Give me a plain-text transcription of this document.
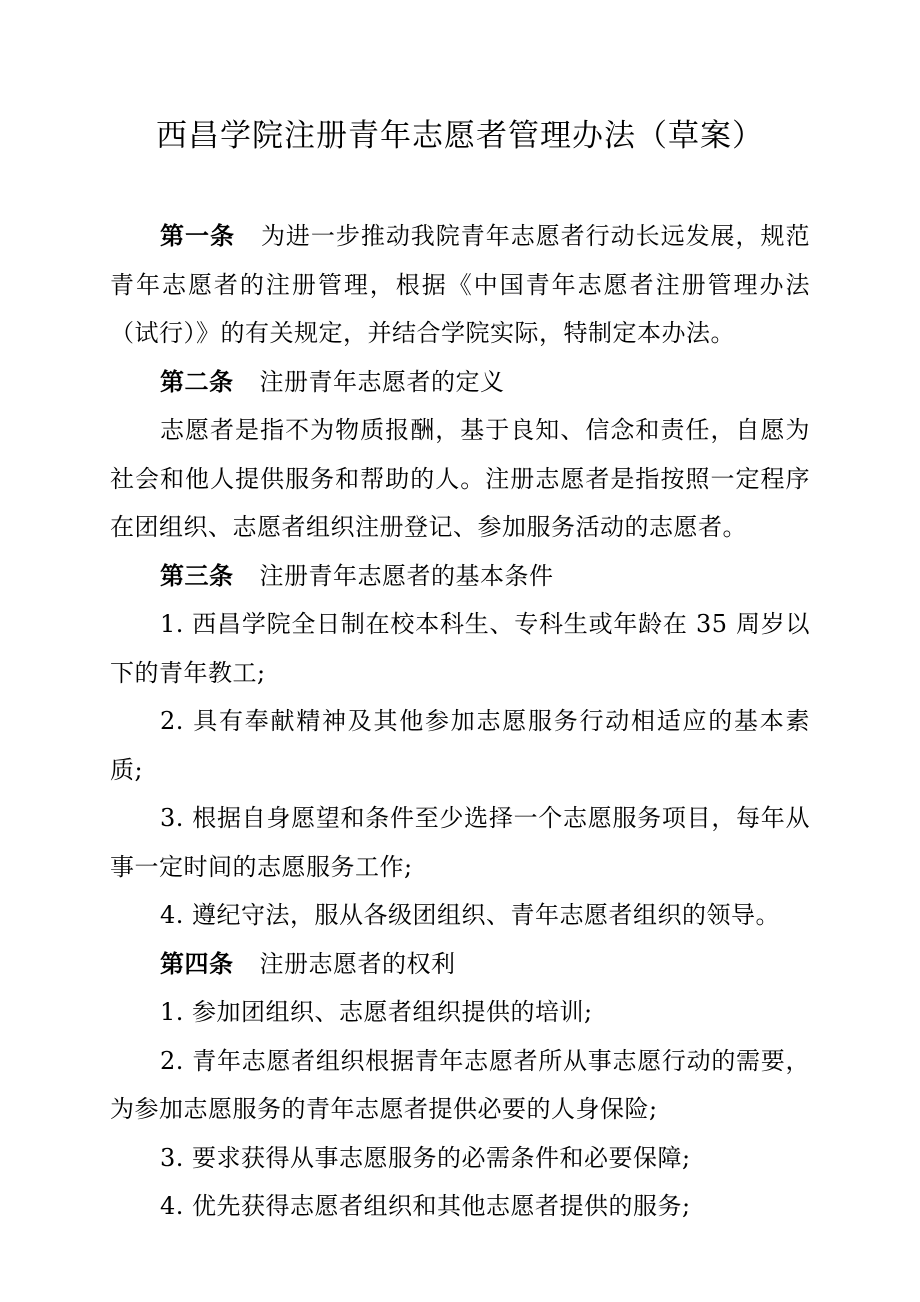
西昌学院注册青年志愿者管理办法（草案）

第一条 为进一步推动我院青年志愿者行动长远发展，规范青年志愿者的注册管理，根据《中国青年志愿者注册管理办法（试行）》的有关规定，并结合学院实际，特制定本办法。

第二条 注册青年志愿者的定义

志愿者是指不为物质报酬，基于良知、信念和责任，自愿为社会和他人提供服务和帮助的人。注册志愿者是指按照一定程序在团组织、志愿者组织注册登记、参加服务活动的志愿者。

第三条 注册青年志愿者的基本条件

1. 西昌学院全日制在校本科生、专科生或年龄在 35 周岁以下的青年教工;

2. 具有奉献精神及其他参加志愿服务行动相适应的基本素质;

3. 根据自身愿望和条件至少选择一个志愿服务项目，每年从事一定时间的志愿服务工作;

4. 遵纪守法，服从各级团组织、青年志愿者组织的领导。

第四条 注册志愿者的权利

1. 参加团组织、志愿者组织提供的培训;

2. 青年志愿者组织根据青年志愿者所从事志愿行动的需要，为参加志愿服务的青年志愿者提供必要的人身保险;

3. 要求获得从事志愿服务的必需条件和必要保障;

4. 优先获得志愿者组织和其他志愿者提供的服务;
